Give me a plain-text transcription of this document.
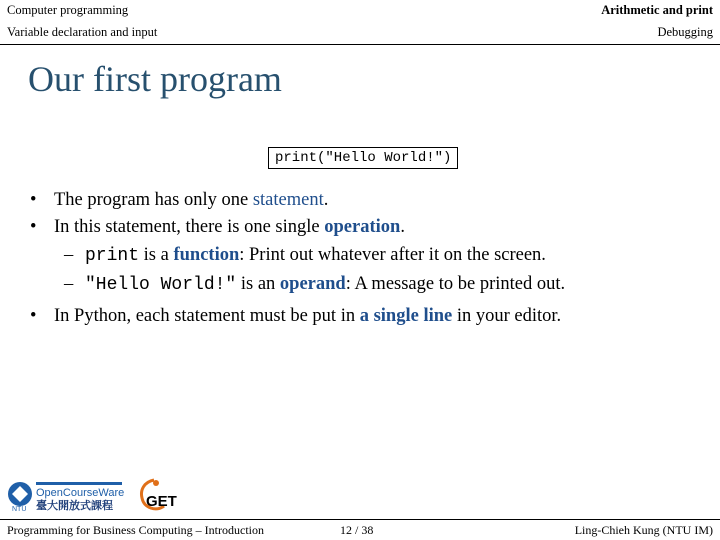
Computer programming	Arithmetic and print
Variable declaration and input	Debugging
Our first program
print("Hello World!")
• The program has only one statement.
• In this statement, there is one single operation.
– print is a function: Print out whatever after it on the screen.
– "Hello World!" is an operand: A message to be printed out.
• In Python, each statement must be put in a single line in your editor.
NTU
OpenCourseWare
臺大開放式課程 GET
Programming for Business Computing – Introduction	12 / 38	Ling-Chieh Kung (NTU IM)
